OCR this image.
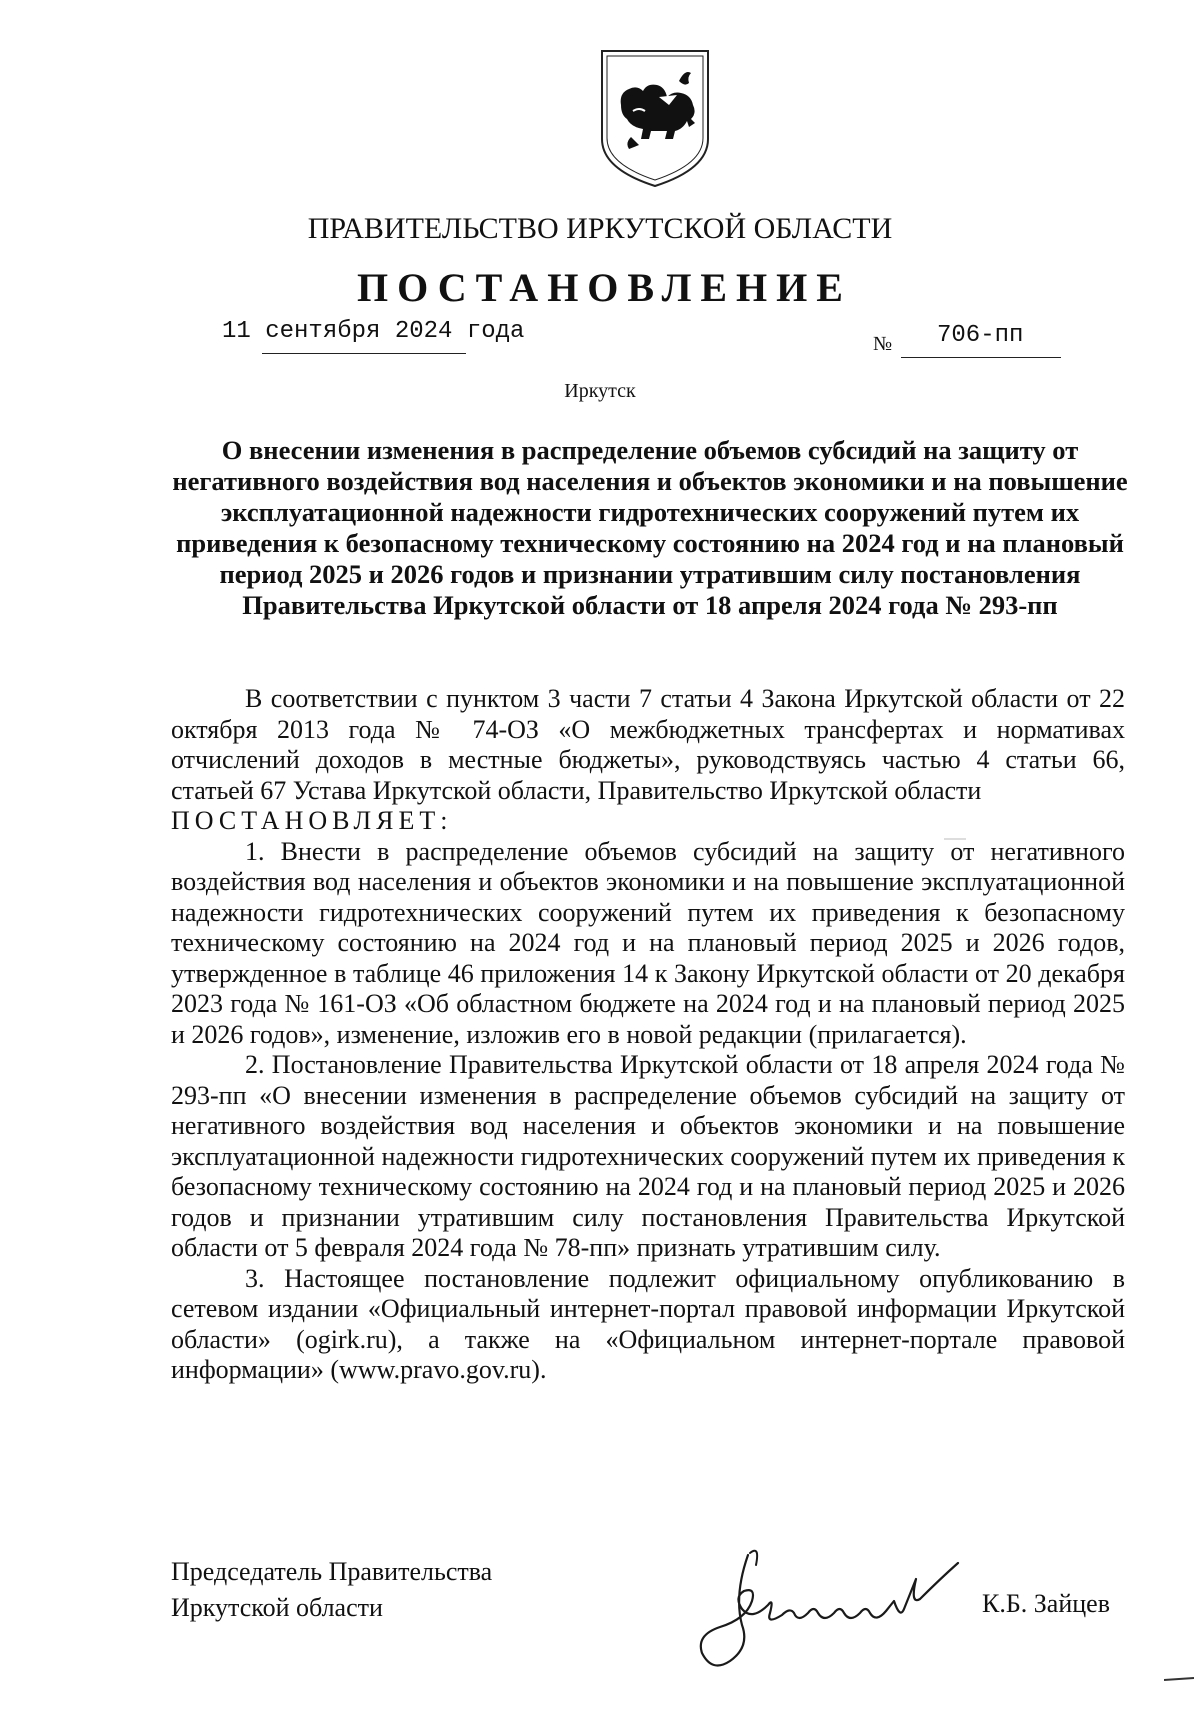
ПРАВИТЕЛЬСТВО ИРКУТСКОЙ ОБЛАСТИ
ПОСТАНОВЛЕНИЕ
11 сентября 2024 года	№ 706-пп
Иркутск
О внесении изменения в распределение объемов субсидий на защиту от негативного воздействия вод населения и объектов экономики и на повышение эксплуатационной надежности гидротехнических сооружений путем их приведения к безопасному техническому состоянию на 2024 год и на плановый период 2025 и 2026 годов и признании утратившим силу постановления Правительства Иркутской области от 18 апреля 2024 года № 293-пп

В соответствии с пунктом 3 части 7 статьи 4 Закона Иркутской области от 22 октября 2013 года № 74-ОЗ «О межбюджетных трансфертах и нормативах отчислений доходов в местные бюджеты», руководствуясь частью 4 статьи 66, статьей 67 Устава Иркутской области, Правительство Иркутской области

ПОСТАНОВЛЯЕТ:

1. Внести в распределение объемов субсидий на защиту от негативного воздействия вод населения и объектов экономики и на повышение эксплуатационной надежности гидротехнических сооружений путем их приведения к безопасному техническому состоянию на 2024 год и на плановый период 2025 и 2026 годов, утвержденное в таблице 46 приложения 14 к Закону Иркутской области от 20 декабря 2023 года № 161-ОЗ «Об областном бюджете на 2024 год и на плановый период 2025 и 2026 годов», изменение, изложив его в новой редакции (прилагается).

2. Постановление Правительства Иркутской области от 18 апреля 2024 года № 293-пп «О внесении изменения в распределение объемов субсидий на защиту от негативного воздействия вод населения и объектов экономики и на повышение эксплуатационной надежности гидротехнических сооружений путем их приведения к безопасному техническому состоянию на 2024 год и на плановый период 2025 и 2026 годов и признании утратившим силу постановления Правительства Иркутской области от 5 февраля 2024 года № 78-пп» признать утратившим силу.

3. Настоящее постановление подлежит официальному опубликованию в сетевом издании «Официальный интернет-портал правовой информации Иркутской области» (ogirk.ru), а также на «Официальном интернет-портале правовой информации» (www.pravo.gov.ru).

Председатель Правительства
Иркутской области	К.Б. Зайцев
